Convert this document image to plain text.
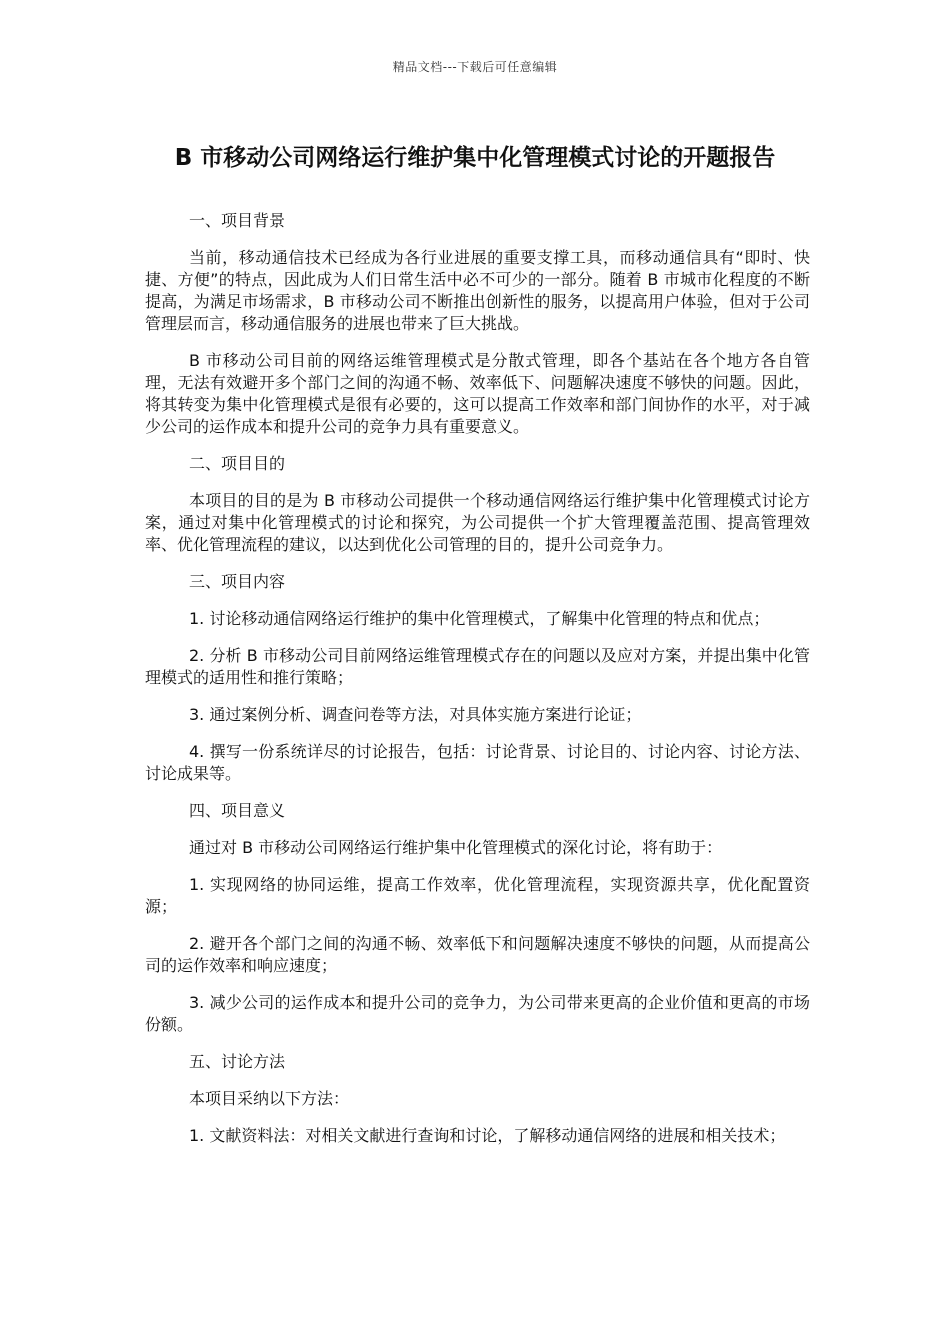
精品文档---下载后可任意编辑
B 市移动公司网络运行维护集中化管理模式讨论的开题报告
一、项目背景
当前，移动通信技术已经成为各行业进展的重要支撑工具，而移动通信具有“即时、快捷、方便”的特点，因此成为人们日常生活中必不可少的一部分。随着 B 市城市化程度的不断提高，为满足市场需求，B 市移动公司不断推出创新性的服务，以提高用户体验，但对于公司管理层而言，移动通信服务的进展也带来了巨大挑战。
B 市移动公司目前的网络运维管理模式是分散式管理，即各个基站在各个地方各自管理，无法有效避开多个部门之间的沟通不畅、效率低下、问题解决速度不够快的问题。因此，将其转变为集中化管理模式是很有必要的，这可以提高工作效率和部门间协作的水平，对于减少公司的运作成本和提升公司的竞争力具有重要意义。
二、项目目的
本项目的目的是为 B 市移动公司提供一个移动通信网络运行维护集中化管理模式讨论方案，通过对集中化管理模式的讨论和探究，为公司提供一个扩大管理覆盖范围、提高管理效率、优化管理流程的建议，以达到优化公司管理的目的，提升公司竞争力。
三、项目内容
1. 讨论移动通信网络运行维护的集中化管理模式，了解集中化管理的特点和优点；
2. 分析 B 市移动公司目前网络运维管理模式存在的问题以及应对方案，并提出集中化管理模式的适用性和推行策略；
3. 通过案例分析、调查问卷等方法，对具体实施方案进行论证；
4. 撰写一份系统详尽的讨论报告，包括：讨论背景、讨论目的、讨论内容、讨论方法、讨论成果等。
四、项目意义
通过对 B 市移动公司网络运行维护集中化管理模式的深化讨论，将有助于：
1. 实现网络的协同运维，提高工作效率，优化管理流程，实现资源共享，优化配置资源；
2. 避开各个部门之间的沟通不畅、效率低下和问题解决速度不够快的问题，从而提高公司的运作效率和响应速度；
3. 减少公司的运作成本和提升公司的竞争力，为公司带来更高的企业价值和更高的市场份额。
五、讨论方法
本项目采纳以下方法：
1. 文献资料法：对相关文献进行查询和讨论，了解移动通信网络的进展和相关技术；
